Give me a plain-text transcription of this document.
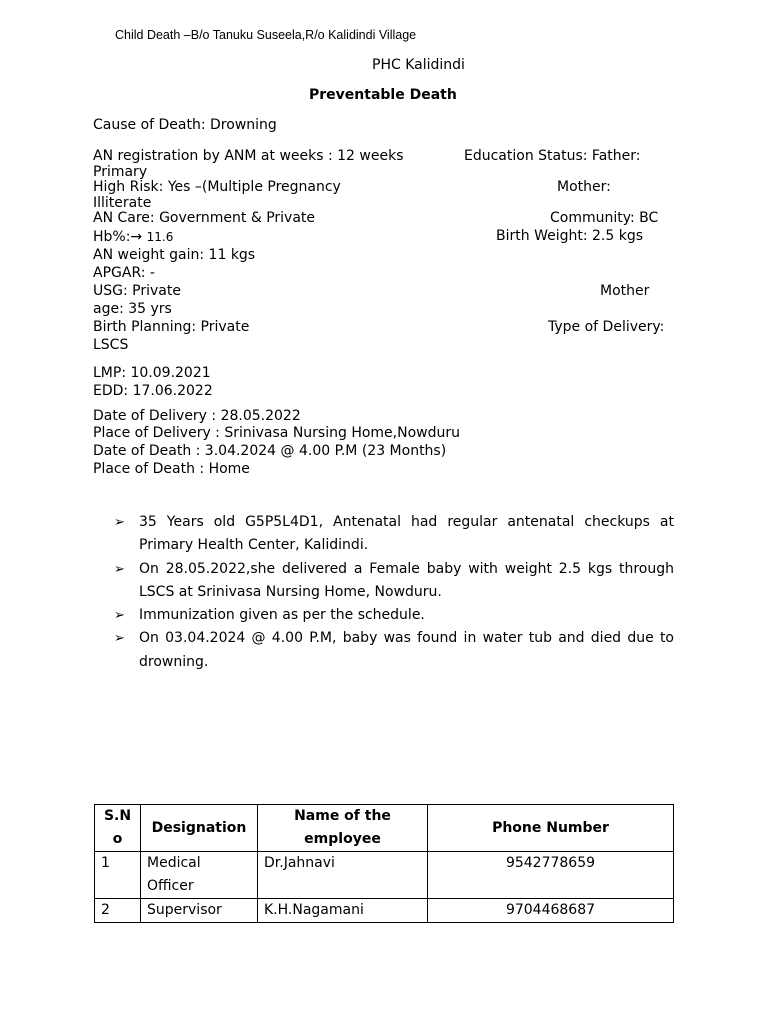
Child Death –B/o Tanuku Suseela,R/o Kalidindi Village
PHC Kalidindi
Preventable Death
Cause of Death: Drowning
AN registration by ANM at weeks : 12 weeks
Primary
High Risk: Yes –(Multiple Pregnancy
Illiterate
AN Care: Government & Private
Hb%:→ 11.6
AN weight gain: 11 kgs
APGAR: -
USG: Private
age: 35 yrs
Birth Planning: Private
LSCS
Education Status: Father:
Mother:
Community: BC
Birth Weight: 2.5 kgs
Mother
Type of Delivery:
LMP: 10.09.2021
EDD: 17.06.2022
Date of Delivery : 28.05.2022
Place of Delivery : Srinivasa Nursing Home,Nowduru
Date of Death : 3.04.2024 @ 4.00 P.M (23 Months)
Place of Death : Home
➢ 35 Years old G5P5L4D1, Antenatal had regular antenatal checkups at Primary Health Center, Kalidindi.
➢ On 28.05.2022,she delivered a Female baby with weight 2.5 kgs through LSCS at Srinivasa Nursing Home, Nowduru.
➢ Immunization given as per the schedule.
➢ On 03.04.2024 @ 4.00 P.M, baby was found in water tub and died due to drowning.
S.No	Designation	Name of the employee	Phone Number
1	Medical Officer	Dr.Jahnavi	9542778659
2	Supervisor	K.H.Nagamani	9704468687
